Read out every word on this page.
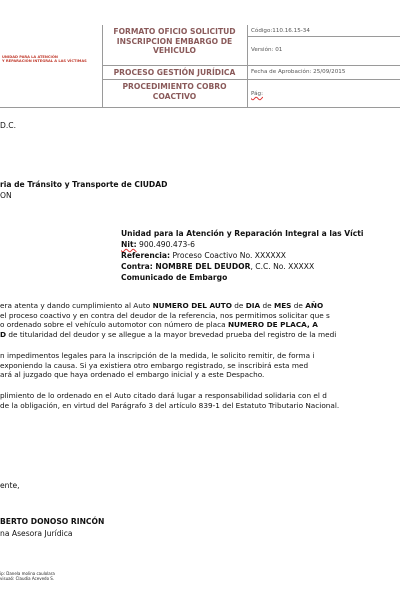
UNIDAD PARA LA ATENCIÓN
Y REPARACIÓN INTEGRAL A LAS VÍCTIMAS
FORMATO OFICIO SOLICITUD
INSCRIPCION EMBARGO DE
VEHICULO
PROCESO GESTIÓN JURÍDICA
PROCEDIMIENTO COBRO
COACTIVO
Código:110.16.15-34
Versión: 01
Fecha de Aprobación: 25/09/2015
Pág:
D.C.
ria de Tránsito y Transporte de CIUDAD
ON
Unidad para la Atención y Reparación Integral a las Vícti
Nit: 900.490.473-6
Referencia: Proceso Coactivo No. XXXXXX
Contra: NOMBRE DEL DEUDOR, C.C. No. XXXXX
Comunicado de Embargo
era atenta y dando cumplimiento al Auto NUMERO DEL AUTO de DIA de MES de AÑO
el proceso coactivo y en contra del deudor de la referencia, nos permitimos solicitar que s
o ordenado sobre el vehículo automotor con número de placa NUMERO DE PLACA, A
D de titularidad del deudor y se allegue a la mayor brevedad prueba del registro de la medi
n impedimentos legales para la inscripción de la medida, le solicito remitir, de forma i
exponiendo la causa. Si ya existiera otro embargo registrado, se inscribirá esta med
ará al juzgado que haya ordenado el embargo inicial y a este Despacho.
plimiento de lo ordenado en el Auto citado dará lugar a responsabilidad solidaria con el d
de la obligación, en virtud del Parágrafo 3 del artículo 839-1 del Estatuto Tributario Nacional.
ente,
BERTO DONOSO RINCÓN
na Asesora Jurídica
ip: Danela molina caulolara
visuaó: Claudia Acevedo S.
